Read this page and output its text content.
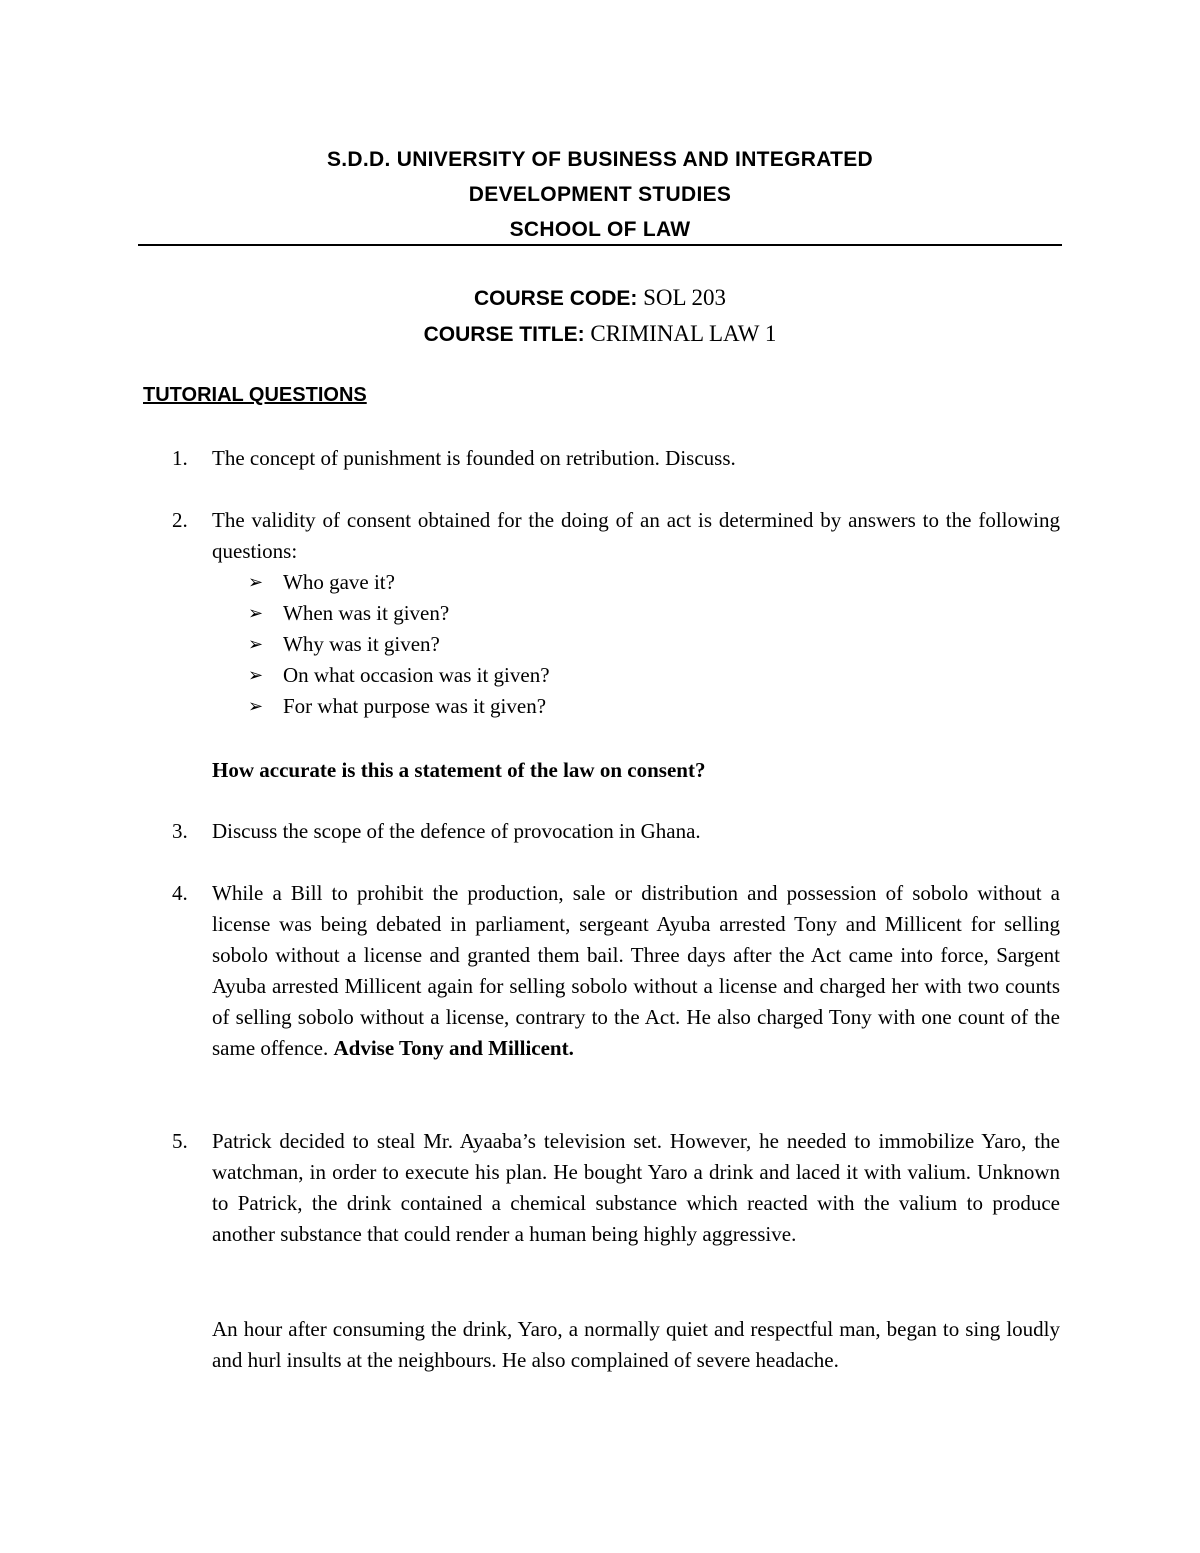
S.D.D. UNIVERSITY OF BUSINESS AND INTEGRATED
DEVELOPMENT STUDIES
SCHOOL OF LAW
COURSE CODE: SOL 203
COURSE TITLE: CRIMINAL LAW 1
TUTORIAL QUESTIONS
1.	The concept of punishment is founded on retribution. Discuss.
2.	The validity of consent obtained for the doing of an act is determined by answers to the following questions:
➢ Who gave it?
➢ When was it given?
➢ Why was it given?
➢ On what occasion was it given?
➢ For what purpose was it given?
How accurate is this a statement of the law on consent?
3.	Discuss the scope of the defence of provocation in Ghana.
4.	While a Bill to prohibit the production, sale or distribution and possession of sobolo without a license was being debated in parliament, sergeant Ayuba arrested Tony and Millicent for selling sobolo without a license and granted them bail. Three days after the Act came into force, Sargent Ayuba arrested Millicent again for selling sobolo without a license and charged her with two counts of selling sobolo without a license, contrary to the Act. He also charged Tony with one count of the same offence. Advise Tony and Millicent.
5.	Patrick decided to steal Mr. Ayaaba’s television set. However, he needed to immobilize Yaro, the watchman, in order to execute his plan. He bought Yaro a drink and laced it with valium. Unknown to Patrick, the drink contained a chemical substance which reacted with the valium to produce another substance that could render a human being highly aggressive.
An hour after consuming the drink, Yaro, a normally quiet and respectful man, began to sing loudly and hurl insults at the neighbours. He also complained of severe headache.
